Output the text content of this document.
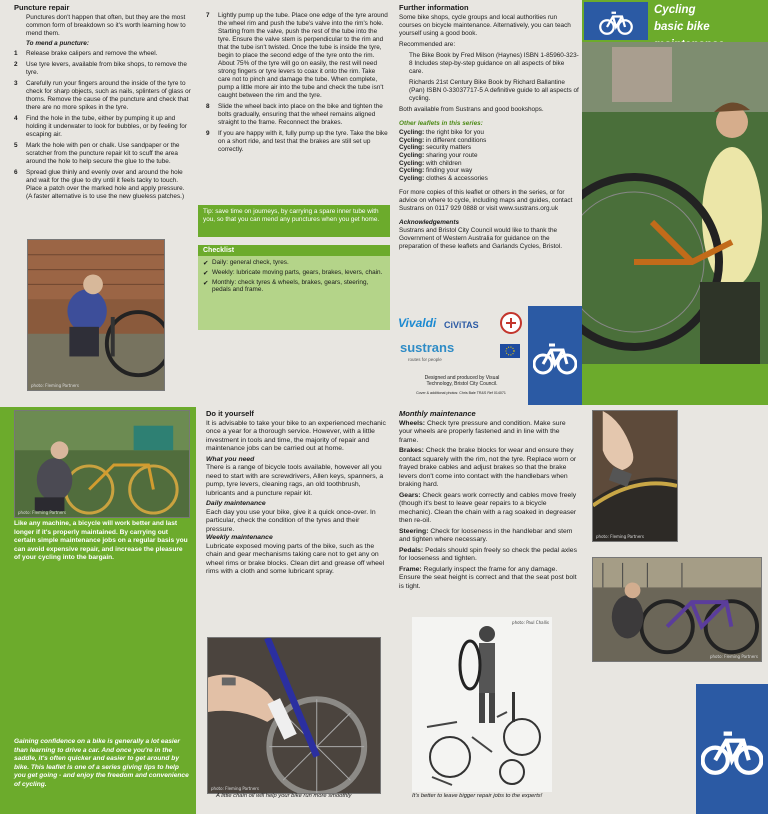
Puncture repair

Punctures don't happen that often, but they are the most common form of breakdown so it's worth learning how to mend them.

To mend a puncture:

1	Release brake calipers and remove the wheel.
2	Use tyre levers, available from bike shops, to remove the tyre.
3	Carefully run your fingers around the inside of the tyre to check for sharp objects, such as nails, splinters of glass or thorns. Remove the cause of the puncture and check that there are no more spikes in the tyre.
4	Find the hole in the tube, either by pumping it up and holding it underwater to look for bubbles, or by feeling for escaping air.
5	Mark the hole with pen or chalk. Use sandpaper or the scratcher from the puncture repair kit to scuff the area around the hole to help secure the glue to the tube.
6	Spread glue thinly and evenly over and around the hole and wait for the glue to dry until it feels tacky to touch. Place a patch over the marked hole and apply pressure. (A faster alternative is to use the new glueless patches.)
photo: Fleming Partners
7	Lightly pump up the tube. Place one edge of the tyre around the wheel rim and push the tube's valve into the rim's hole. Starting from the valve, push the rest of the tube into the tyre. Ensure the valve stem is perpendicular to the rim and that the tube isn't twisted. Once the tube is inside the tyre, begin to place the second edge of the tyre onto the rim. About 75% of the tyre will go on easily, the rest will need strong fingers or tyre levers to coax it onto the rim. Take care not to pinch and damage the tube. When complete, pump a little more air into the tube and check the tube isn't caught between the rim and the tyre.
8	Slide the wheel back into place on the bike and tighten the bolts gradually, ensuring that the wheel remains aligned straight to the frame. Reconnect the brakes.
9	If you are happy with it, fully pump up the tyre. Take the bike on a short ride, and test that the brakes are still set up correctly.
Tip: save time on journeys, by carrying a spare inner tube with you, so that you can mend any punctures when you get home.
Checklist
✔ Daily: general check, tyres.
✔ Weekly: lubricate moving parts, gears, brakes, levers, chain.
✔ Monthly: check tyres & wheels, brakes, gears, steering, pedals and frame.
Further information

Some bike shops, cycle groups and local authorities run courses on bicycle maintenance. Alternatively, you can teach yourself using a good book.

Recommended are:

The Bike Book by Fred Milson (Haynes) ISBN 1-85960-323-8 Includes step-by-step guidance on all aspects of bike care.

Richards 21st Century Bike Book by Richard Ballantine (Pan) ISBN 0-33037717-5 A definitive guide to all aspects of cycling.

Both available from Sustrans and good bookshops.

Other leaflets in this series:

Cycling: the right bike for you
Cycling: in different conditions
Cycling: security matters
Cycling: sharing your route
Cycling: with children
Cycling: finding your way
Cycling: clothes & accessories

For more copies of this leaflet or others in the series, or for advice on where to cycle, including maps and guides, contact Sustrans on 0117 929 0888 or visit www.sustrans.org.uk

Acknowledgements

Sustrans and Bristol City Council would like to thank the Government of Western Australia for guidance on the preparation of these leaflets and Garlands Cycles, Bristol.

Vivaldi CiViTAS
sustrans
routes for people

Designed and produced by Visual Technology, Bristol City Council.

Cover & additional photos: Chris Bale TR&S Ref 014071

Cycling
basic bike
photo: Fleming Partners
Like any machine, a bicycle will work better and last longer if it's properly maintained. By carrying out certain simple maintenance jobs on a regular basis you can avoid expensive repair, and increase the pleasure of your cycling into the bargain.
Gaining confidence on a bike is generally a lot easier than learning to drive a car. And once you're in the saddle, it's often quicker and easier to get around by bike. This leaflet is one of a series giving tips to help you get going - and enjoy the freedom and convenience of cycling.
Do it yourself

It is advisable to take your bike to an experienced mechanic once a year for a thorough service. However, with a little investment in tools and time, the majority of repair and maintenance jobs can be carried out at home.

What you need

There is a range of bicycle tools available, however all you need to start with are screwdrivers, Allen keys, spanners, a pump, tyre levers, cleaning rags, an old toothbrush, lubricants and a puncture repair kit.

Daily maintenance

Each day you use your bike, give it a quick once-over. In particular, check the condition of the tyres and their pressure.

Weekly maintenance

Lubricate exposed moving parts of the bike, such as the chain and gear mechanisms taking care not to get any on wheel rims or brake blocks. Clean dirt and grease off wheel rims with a cloth and some lubricant spray.

photo: Fleming Partners

A little chain oil will help your bike run more smoothly

Monthly maintenance

Wheels: Check tyre pressure and condition. Make sure your wheels are properly fastened and in line with the frame.

Brakes: Check the brake blocks for wear and ensure they contact squarely with the rim, not the tyre. Replace worn or frayed brake cables and adjust brakes so that the brake levers don't come into contact with the handlebars when braking hard.

Gears: Check gears work correctly and cables move freely (though it's best to leave gear repairs to a bicycle mechanic). Clean the chain with a rag soaked in degreaser then re-oil.

Steering: Check for looseness in the handlebar and stem and tighten where necessary.

Pedals: Pedals should spin freely so check the pedal axles for looseness and tighten.

Frame: Regularly inspect the frame for any damage. Ensure the seat height is correct and that the seat post bolt is tight.

photo: Paul Challis

It's better to leave bigger repair jobs to the experts!

photo: Fleming Partners
photo: Fleming Partners
